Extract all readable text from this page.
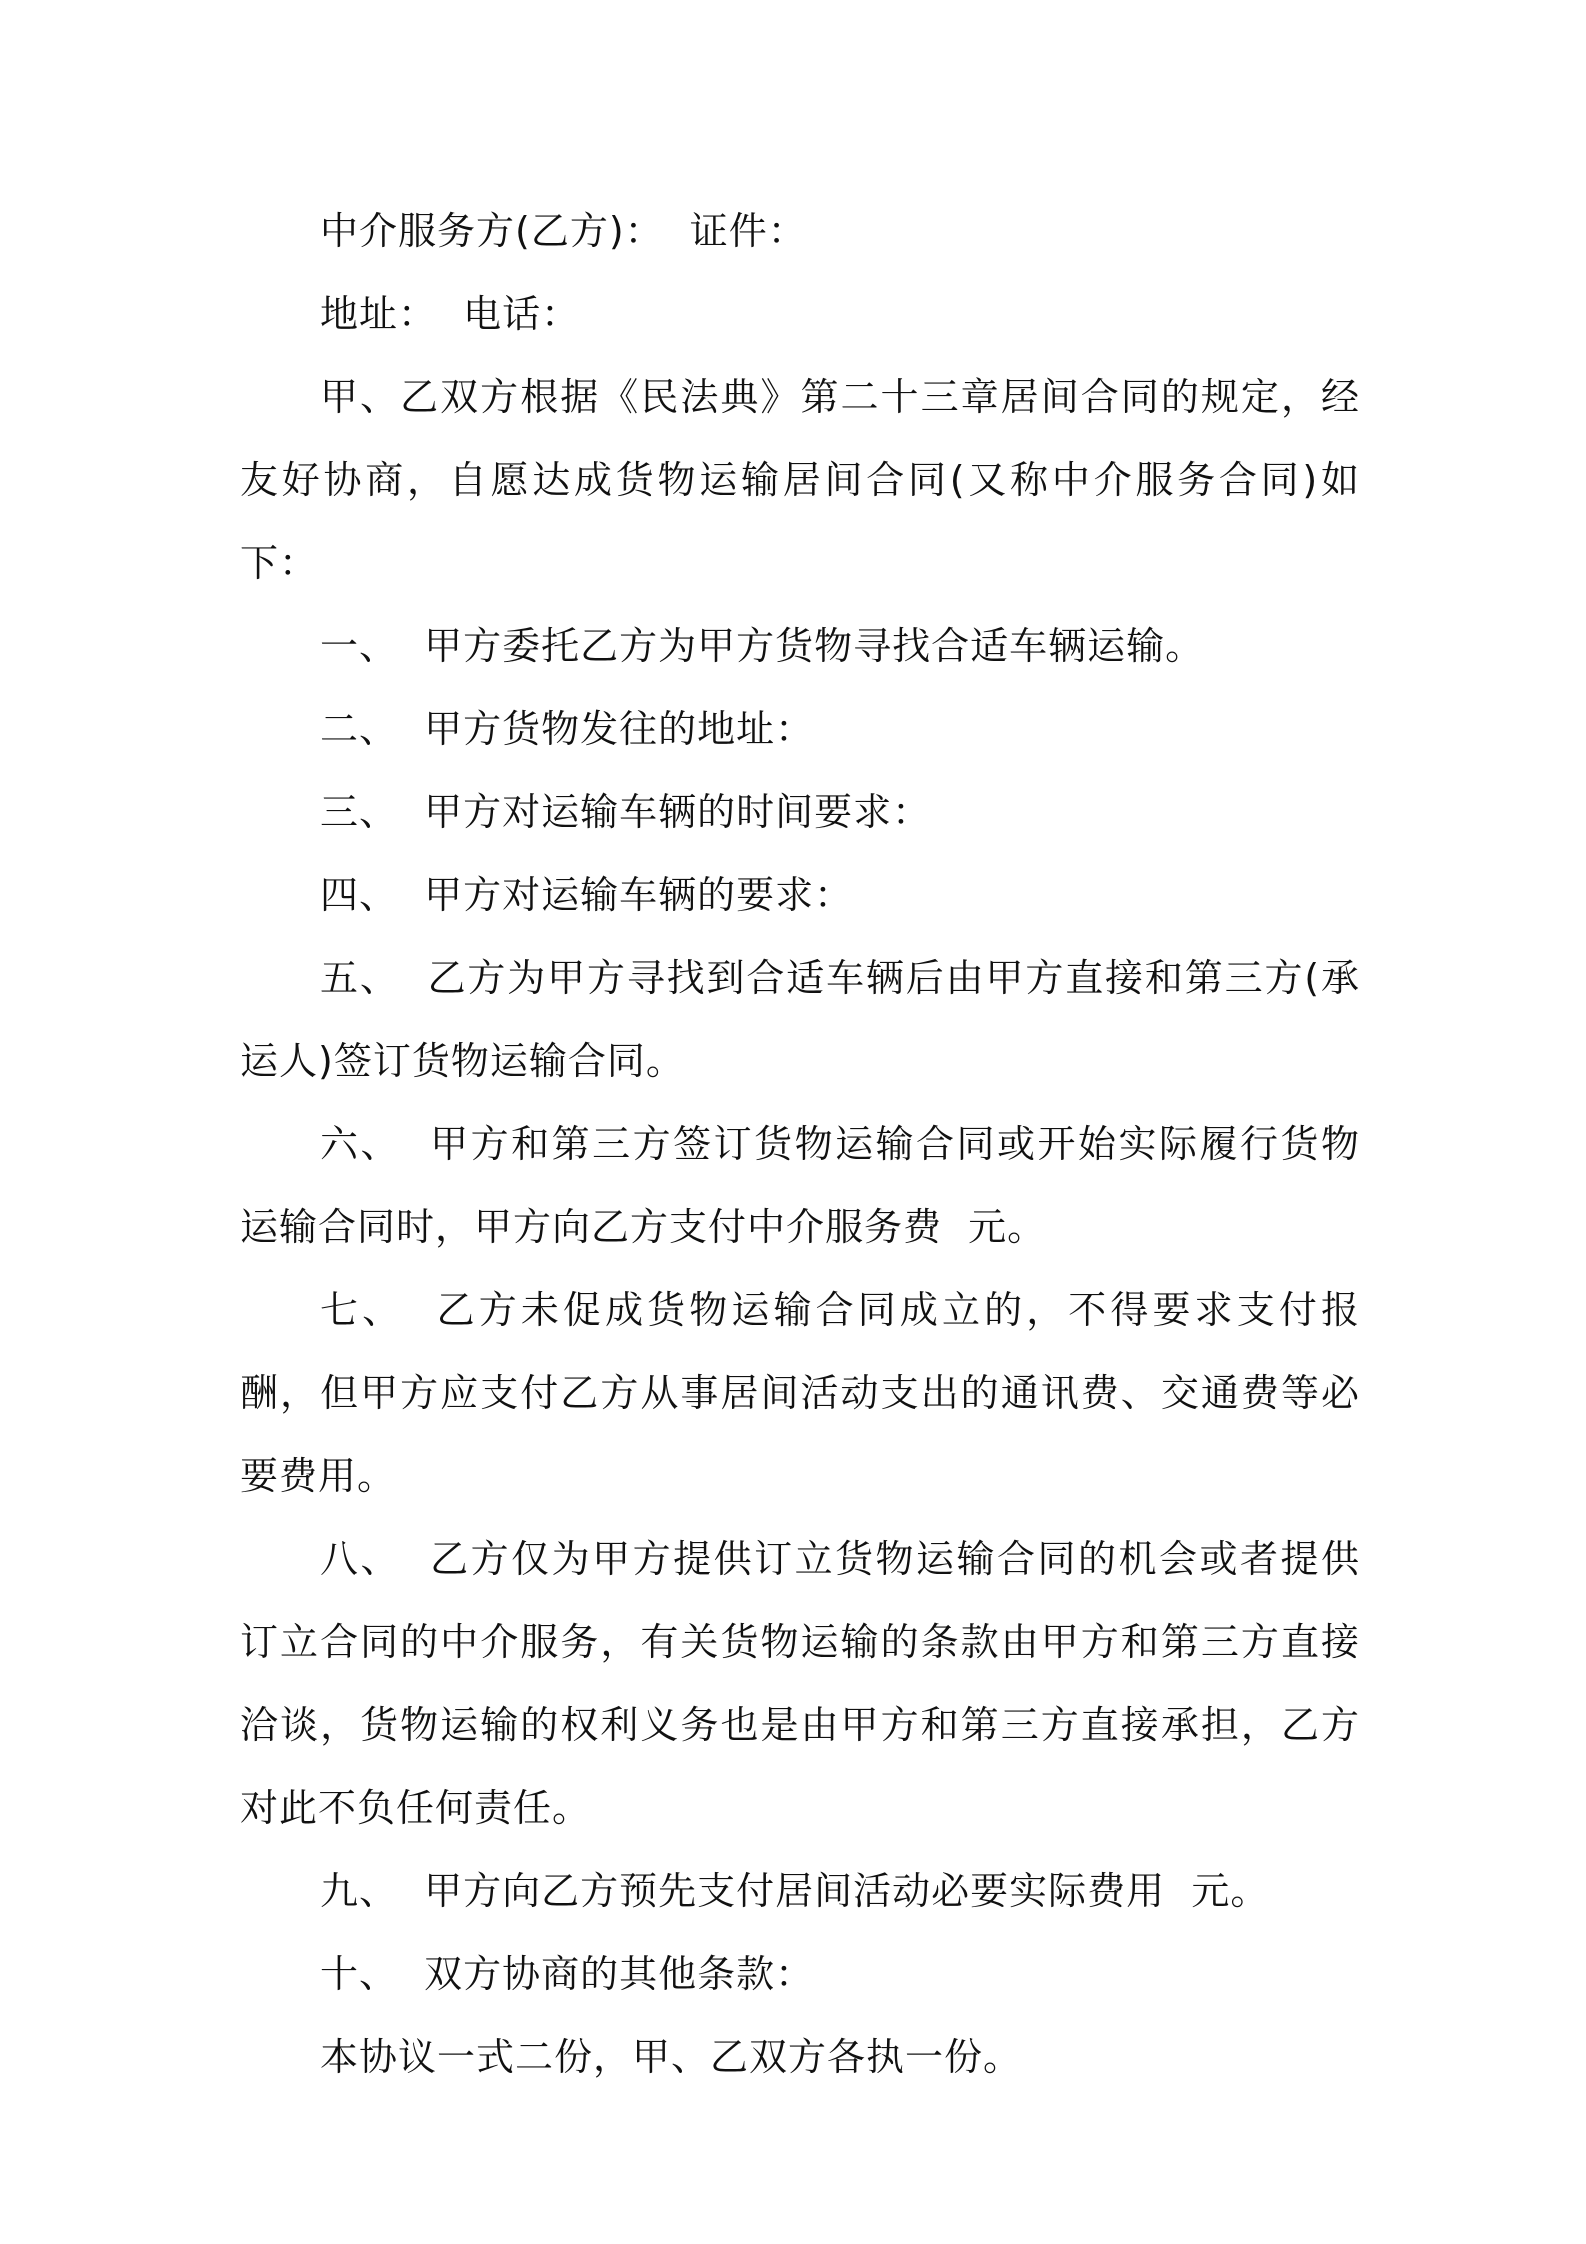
中介服务方(乙方)：  证件：

地址：  电话：

甲、乙双方根据《民法典》第二十三章居间合同的规定，经友好协商，自愿达成货物运输居间合同(又称中介服务合同)如下：

一、  甲方委托乙方为甲方货物寻找合适车辆运输。

二、  甲方货物发往的地址：

三、  甲方对运输车辆的时间要求：

四、  甲方对运输车辆的要求：

五、  乙方为甲方寻找到合适车辆后由甲方直接和第三方(承运人)签订货物运输合同。

六、  甲方和第三方签订货物运输合同或开始实际履行货物运输合同时，甲方向乙方支付中介服务费  元。

七、  乙方未促成货物运输合同成立的，不得要求支付报酬，但甲方应支付乙方从事居间活动支出的通讯费、交通费等必要费用。

八、  乙方仅为甲方提供订立货物运输合同的机会或者提供订立合同的中介服务，有关货物运输的条款由甲方和第三方直接洽谈，货物运输的权利义务也是由甲方和第三方直接承担，乙方对此不负任何责任。

九、  甲方向乙方预先支付居间活动必要实际费用  元。

十、  双方协商的其他条款：

本协议一式二份，甲、乙双方各执一份。
